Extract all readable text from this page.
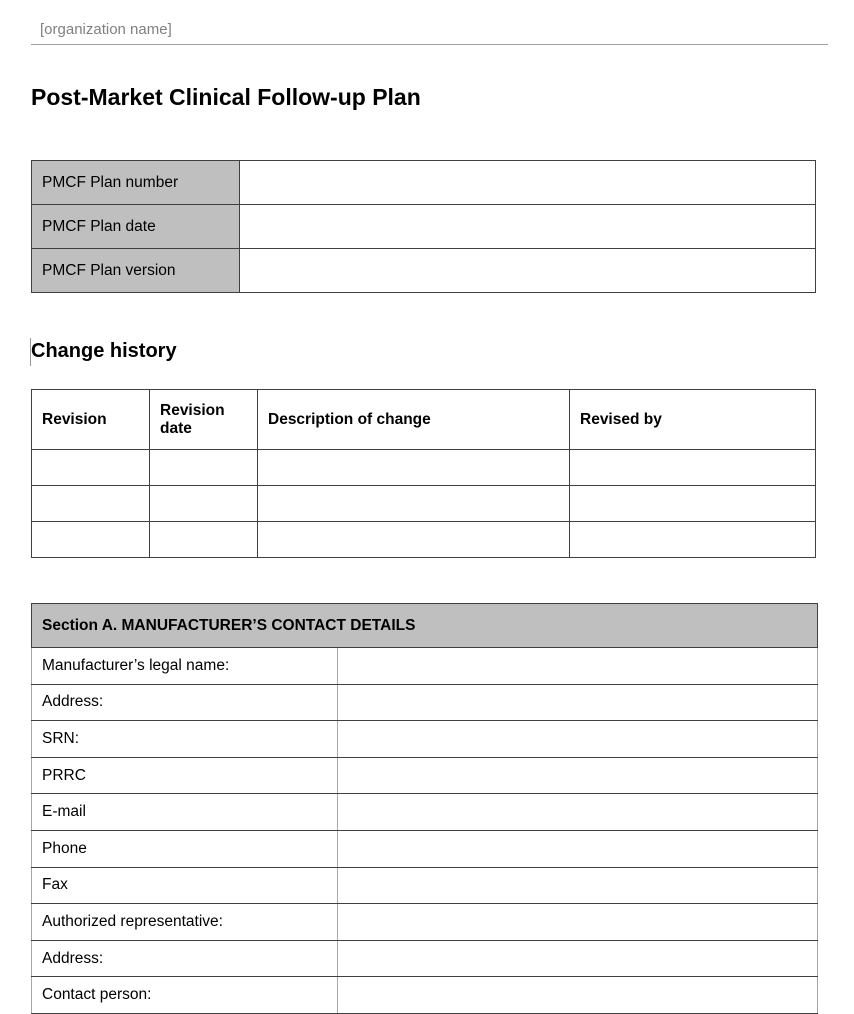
[organization name]
Post-Market Clinical Follow-up Plan
PMCF Plan number	
PMCF Plan date	
PMCF Plan version	
Change history
Revision	Revision date	Description of change	Revised by

Section A. MANUFACTURER’S CONTACT DETAILS	
Manufacturer’s legal name:	
Address:	
SRN:	
PRRC	
E-mail	
Phone	
Fax	
Authorized representative:	
Address:	
Contact person:	
